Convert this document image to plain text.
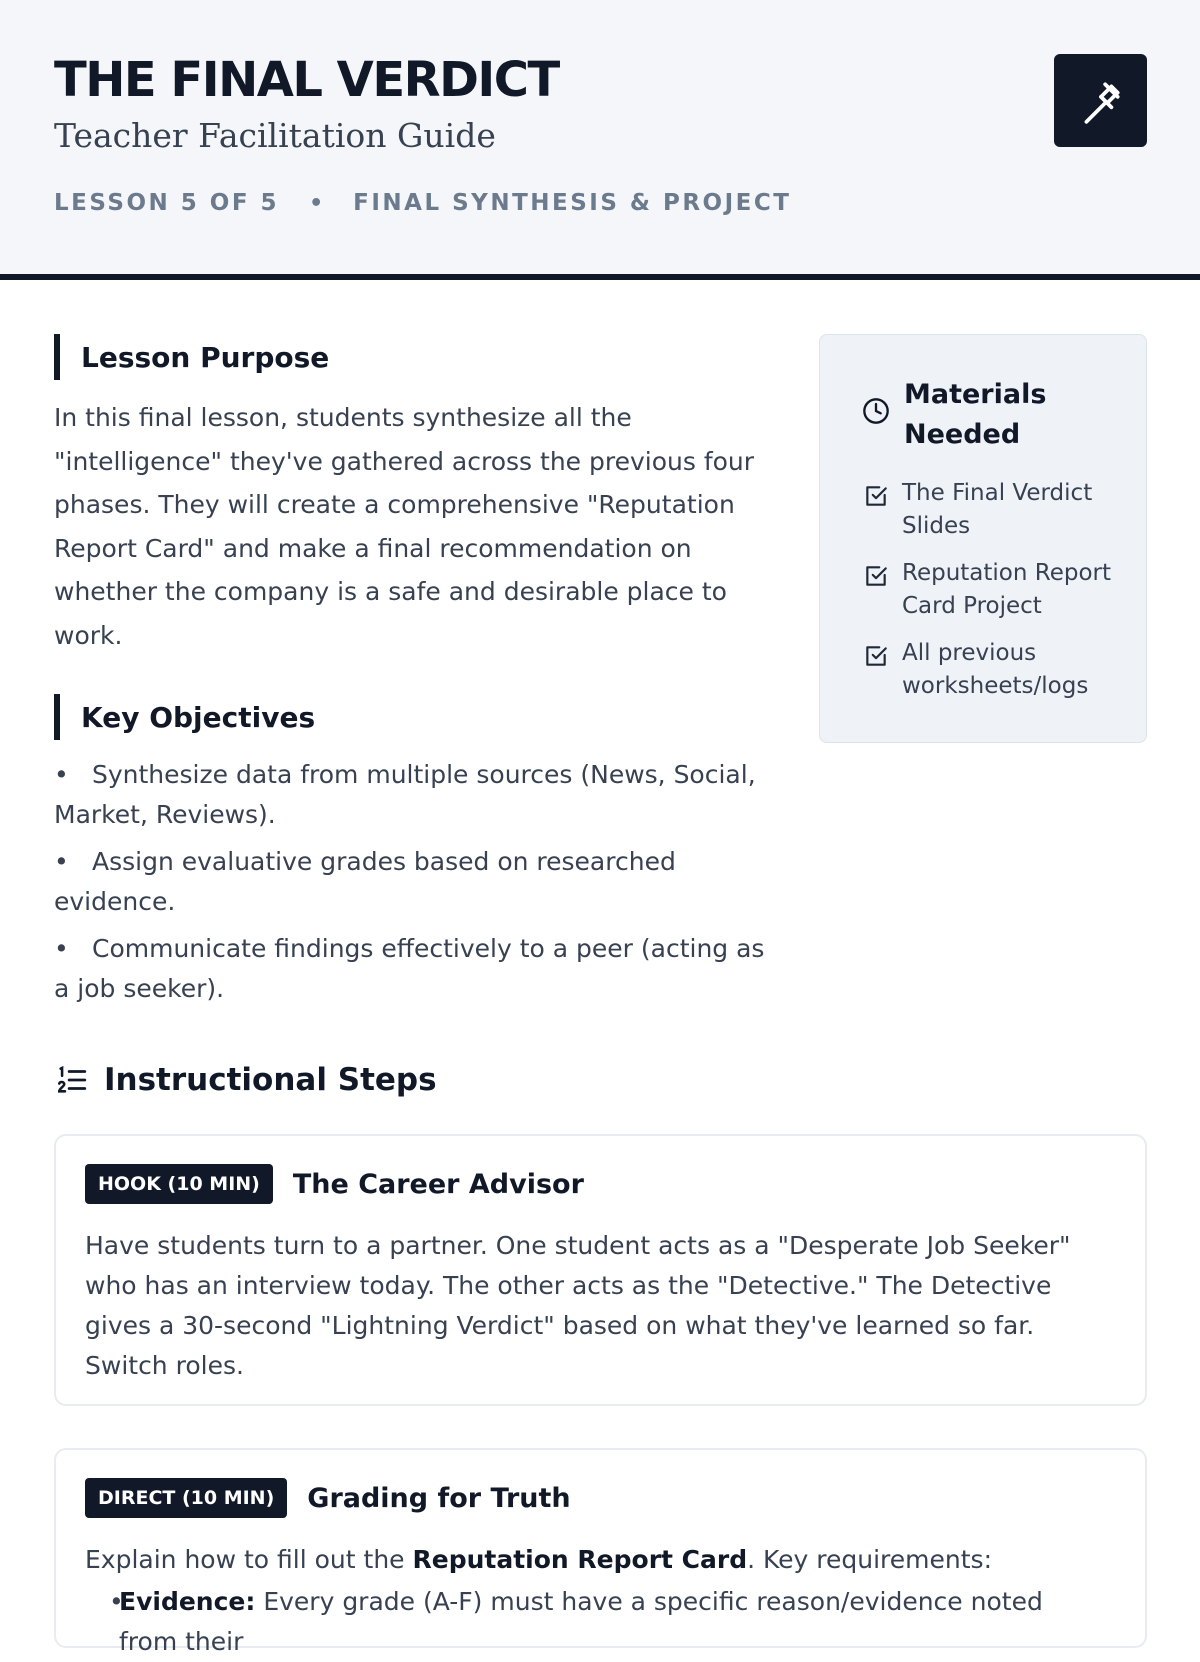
THE FINAL VERDICT
Teacher Facilitation Guide
LESSON 5 OF 5 • FINAL SYNTHESIS & PROJECT
Lesson Purpose
In this final lesson, students synthesize all the "intelligence" they've gathered across the previous four phases. They will create a comprehensive "Reputation Report Card" and make a final recommendation on whether the company is a safe and desirable place to work.
Key Objectives
• Synthesize data from multiple sources (News, Social, Market, Reviews).
• Assign evaluative grades based on researched evidence.
• Communicate findings effectively to a peer (acting as a job seeker).
Materials Needed
The Final Verdict Slides
Reputation Report Card Project
All previous worksheets/logs
Instructional Steps
HOOK (10 MIN)	The Career Advisor
Have students turn to a partner. One student acts as a "Desperate Job Seeker" who has an interview today. The other acts as the "Detective." The Detective gives a 30-second "Lightning Verdict" based on what they've learned so far. Switch roles.
DIRECT (10 MIN)	Grading for Truth
Explain how to fill out the Reputation Report Card. Key requirements:
• Evidence: Every grade (A-F) must have a specific reason/evidence noted from their
